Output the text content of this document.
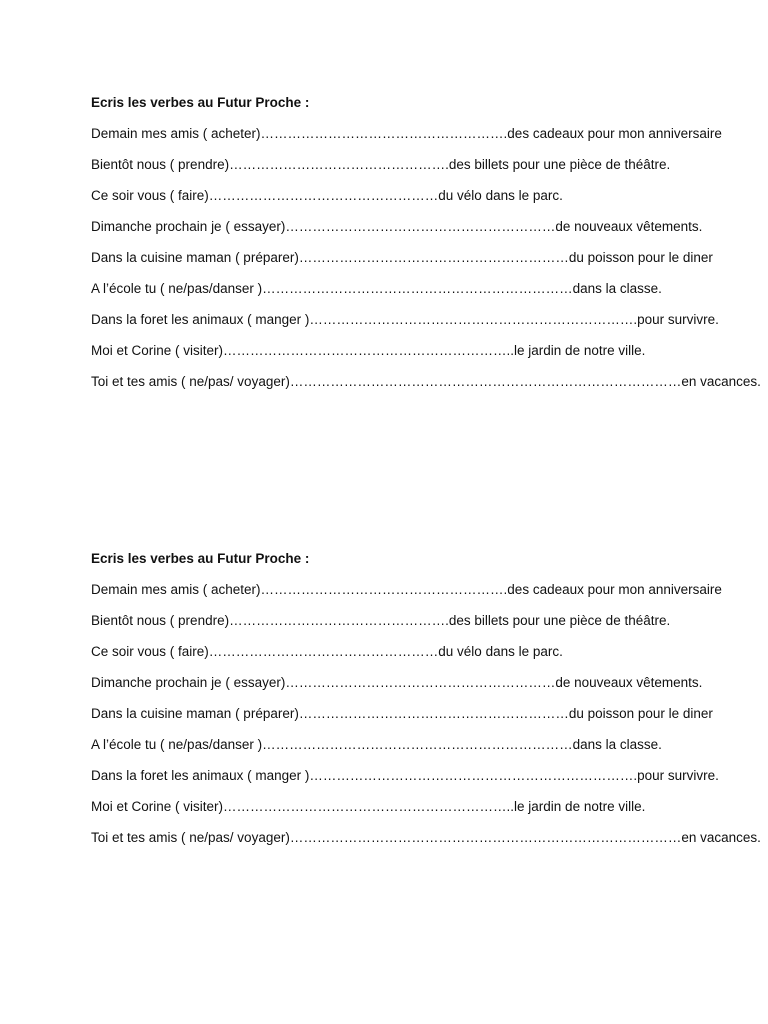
Ecris les verbes au Futur Proche :
Demain mes amis ( acheter)……………………………………………….des cadeaux pour mon anniversaire
Bientôt nous ( prendre)………………………………………….des billets pour une pièce de théâtre.
Ce soir vous ( faire)……………………………………………du vélo dans le parc.
Dimanche prochain je ( essayer)……………………………………………………de nouveaux vêtements.
Dans la cuisine maman ( préparer)……………………………………………………du poisson pour le diner
A l’école tu ( ne/pas/danser )……………………………………………………………dans la classe.
Dans la foret les animaux ( manger )……………………………………………………………….pour survivre.
Moi et Corine ( visiter)………………………………………………………..le jardin de notre ville.
Toi et tes amis ( ne/pas/ voyager)……………………………………………………………………………en vacances.
Ecris les verbes au Futur Proche :
Demain mes amis ( acheter)……………………………………………….des cadeaux pour mon anniversaire
Bientôt nous ( prendre)………………………………………….des billets pour une pièce de théâtre.
Ce soir vous ( faire)……………………………………………du vélo dans le parc.
Dimanche prochain je ( essayer)……………………………………………………de nouveaux vêtements.
Dans la cuisine maman ( préparer)……………………………………………………du poisson pour le diner
A l’école tu ( ne/pas/danser )……………………………………………………………dans la classe.
Dans la foret les animaux ( manger )……………………………………………………………….pour survivre.
Moi et Corine ( visiter)………………………………………………………..le jardin de notre ville.
Toi et tes amis ( ne/pas/ voyager)……………………………………………………………………………en vacances.
